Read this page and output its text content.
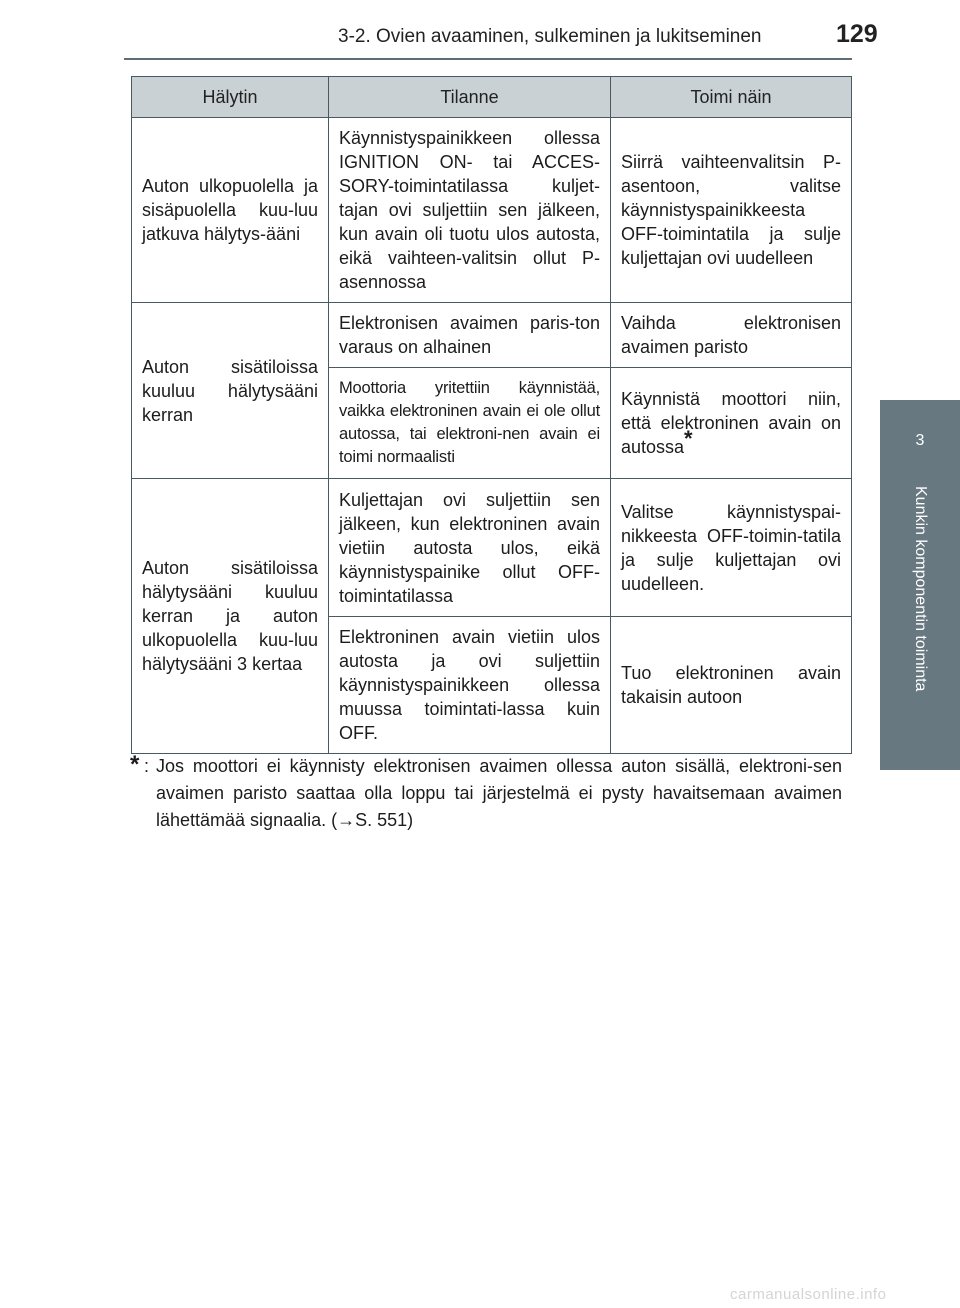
3-2. Ovien avaaminen, sulkeminen ja lukitseminen	129
3
Kunkin komponentin toiminta
Hälytin	Tilanne	Toimi näin
Auton ulkopuolella ja sisäpuolella kuu-luu jatkuva hälytys-ääni	Käynnistyspainikkeen ollessa IGNITION ON- tai ACCES-SORY-toimintatilassa kuljet-tajan ovi suljettiin sen jälkeen, kun avain oli tuotu ulos autosta, eikä vaihteen-valitsin ollut P-asennossa	Siirrä vaihteenvalitsin P-asentoon, valitse käynnistyspainikkeesta OFF-toimintatila ja sulje kuljettajan ovi uudelleen
Auton sisätiloissa kuuluu hälytysääni kerran	Elektronisen avaimen paris-ton varaus on alhainen	Vaihda elektronisen avaimen paristo
	Moottoria yritettiin käynnistää, vaikka elektroninen avain ei ole ollut autossa, tai elektroni-nen avain ei toimi normaalisti	Käynnistä moottori niin, että elektroninen avain on autossa*
Auton sisätiloissa hälytysääni kuuluu kerran ja auton ulkopuolella kuu-luu hälytysääni 3 kertaa	Kuljettajan ovi suljettiin sen jälkeen, kun elektroninen avain vietiin autosta ulos, eikä käynnistyspainike ollut OFF-toimintatilassa	Valitse käynnistyspai-nikkeesta OFF-toimin-tatila ja sulje kuljettajan ovi uudelleen.
	Elektroninen avain vietiin ulos autosta ja ovi suljettiin käynnistyspainikkeen ollessa muussa toimintati-lassa kuin OFF.	Tuo elektroninen avain takaisin autoon
* : Jos moottori ei käynnisty elektronisen avaimen ollessa auton sisällä, elektroni-sen avaimen paristo saattaa olla loppu tai järjestelmä ei pysty havaitsemaan avaimen lähettämää signaalia. (→S. 551)
carmanualsonline.info
